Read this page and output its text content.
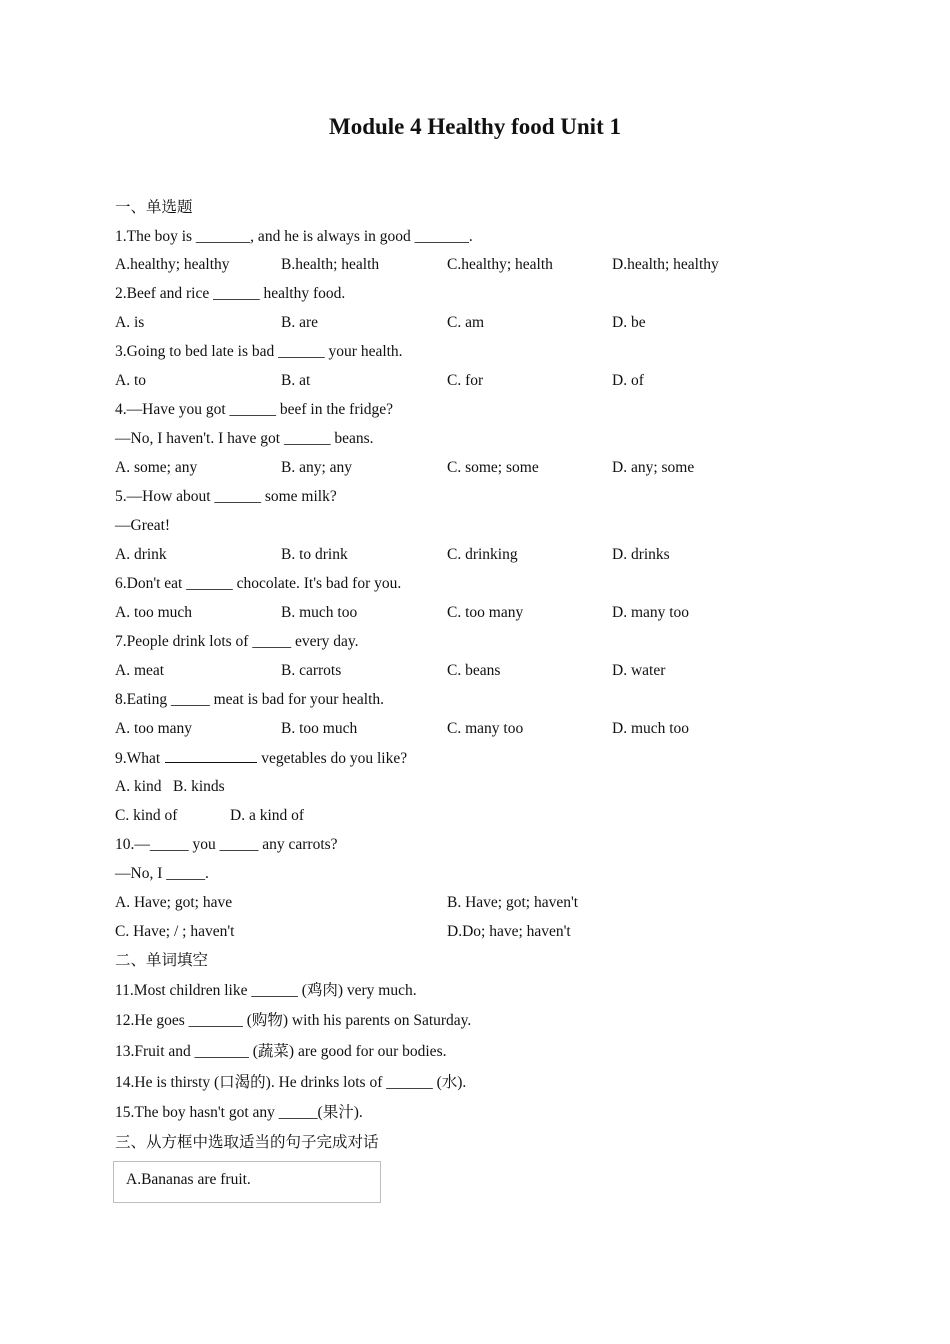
Module 4 Healthy food Unit 1
一、单选题
1.The boy is _______, and he is always in good _______.
A.healthy; healthy	B.health; health	C.healthy; health	D.health; healthy
2.Beef and rice ______ healthy food.
A. is	B. are	C. am	D. be
3.Going to bed late is bad ______ your health.
A. to	B. at	C. for	D. of
4.—Have you got ______ beef in the fridge?
—No, I haven't. I have got ______ beans.
A. some; any	B. any; any	C. some; some	D. any; some
5.—How about ______ some milk?
—Great!
A. drink	B. to drink	C. drinking	D. drinks
6.Don't eat ______ chocolate. It's bad for you.
A. too much	B. much too	C. too many	D. many too
7.People drink lots of _____ every day.
A. meat	B. carrots	C. beans	D. water
8.Eating _____ meat is bad for your health.
A. too many	B. too much	C. many too	D. much too
9.What	vegetables do you like?
A. kind B. kinds
C. kind of	D. a kind of
10.—_____ you _____ any carrots?
—No, I _____.
A. Have; got; have	B. Have; got; haven't
C. Have; / ; haven't	D.Do; have; haven't
二、单词填空
11.Most children like ______ (鸡肉) very much.
12.He goes _______ (购物) with his parents on Saturday.
13.Fruit and _______ (蔬菜) are good for our bodies.
14.He is thirsty (口渴的). He drinks lots of ______ (水).
15.The boy hasn't got any _____(果汁).
三、从方框中选取适当的句子完成对话
A.Bananas are fruit.
